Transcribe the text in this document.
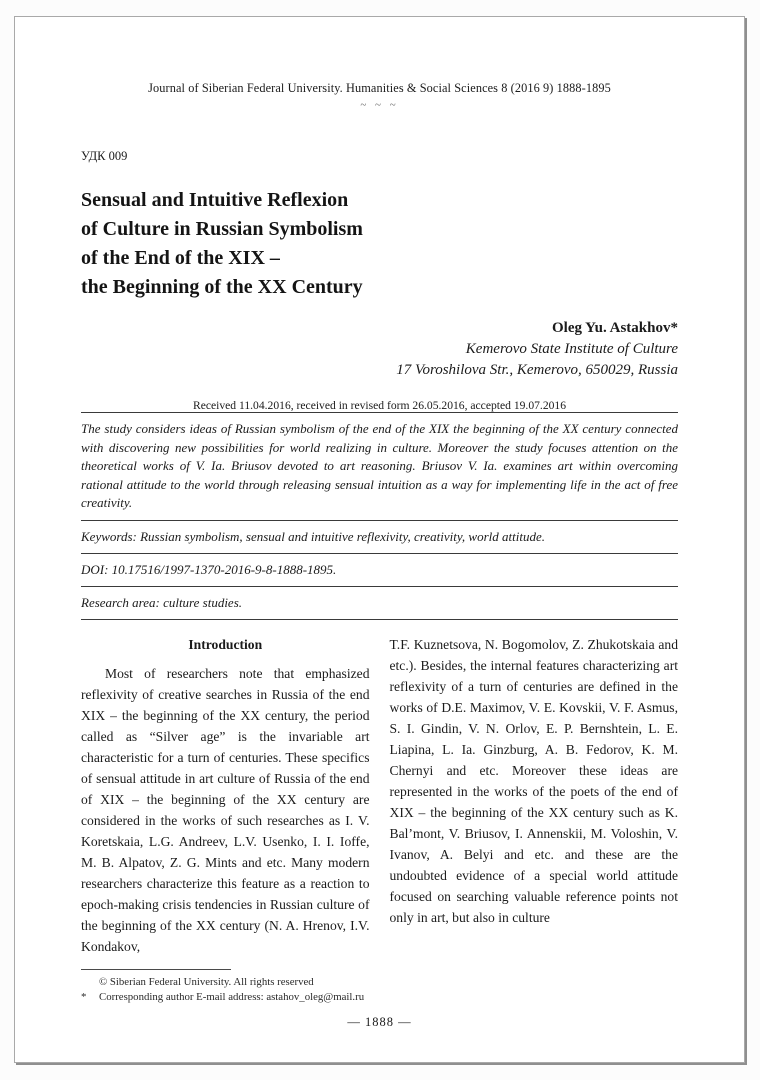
Journal of Siberian Federal University. Humanities & Social Sciences 8 (2016 9) 1888-1895
~ ~ ~
УДК 009
Sensual and Intuitive Reflexion
of Culture in Russian Symbolism
of the End of the XIX –
the Beginning of the XX Century
Oleg Yu. Astakhov*
Kemerovo State Institute of Culture
17 Voroshilova Str., Kemerovo, 650029, Russia
Received 11.04.2016, received in revised form 26.05.2016, accepted 19.07.2016

The study considers ideas of Russian symbolism of the end of the XIX the beginning of the XX century connected with discovering new possibilities for world realizing in culture. Moreover the study focuses attention on the theoretical works of V. Ia. Briusov devoted to art reasoning. Briusov V. Ia. examines art within overcoming rational attitude to the world through releasing sensual intuition as a way for implementing life in the act of free creativity.

Keywords: Russian symbolism, sensual and intuitive reflexivity, creativity, world attitude.

DOI: 10.17516/1997-1370-2016-9-8-1888-1895.

Research area: culture studies.

Introduction

Most of researchers note that emphasized reflexivity of creative searches in Russia of the end XIX – the beginning of the XX century, the period called as “Silver age” is the invariable art characteristic for a turn of centuries. These specifics of sensual attitude in art culture of Russia of the end of XIX – the beginning of the XX century are considered in the works of such researches as I. V. Koretskaia, L.G. Andreev, L.V. Usenko, I. I. Ioffe, M. B. Alpatov, Z. G. Mints and etc. Many modern researchers characterize this feature as a reaction to epoch-making crisis tendencies in Russian culture of the beginning of the XX century (N. A. Hrenov, I.V. Kondakov,

T.F. Kuznetsova, N. Bogomolov, Z. Zhukotskaia and etc.). Besides, the internal features characterizing art reflexivity of a turn of centuries are defined in the works of D.E. Maximov, V. E. Kovskii, V. F. Asmus, S. I. Gindin, V. N. Orlov, E. P. Bernshtein, L. E. Liapina, L. Ia. Ginzburg, A. B. Fedorov, K. M. Chernyi and etc. Moreover these ideas are represented in the works of the poets of the end of XIX – the beginning of the XX century such as K. Bal’mont, V. Briusov, I. Annenskii, M. Voloshin, V. Ivanov, A. Belyi and etc. and these are the undoubted evidence of a special world attitude focused on searching valuable reference points not only in art, but also in culture

© Siberian Federal University. All rights reserved
* Corresponding author E-mail address: astahov_oleg@mail.ru
— 1888 —
